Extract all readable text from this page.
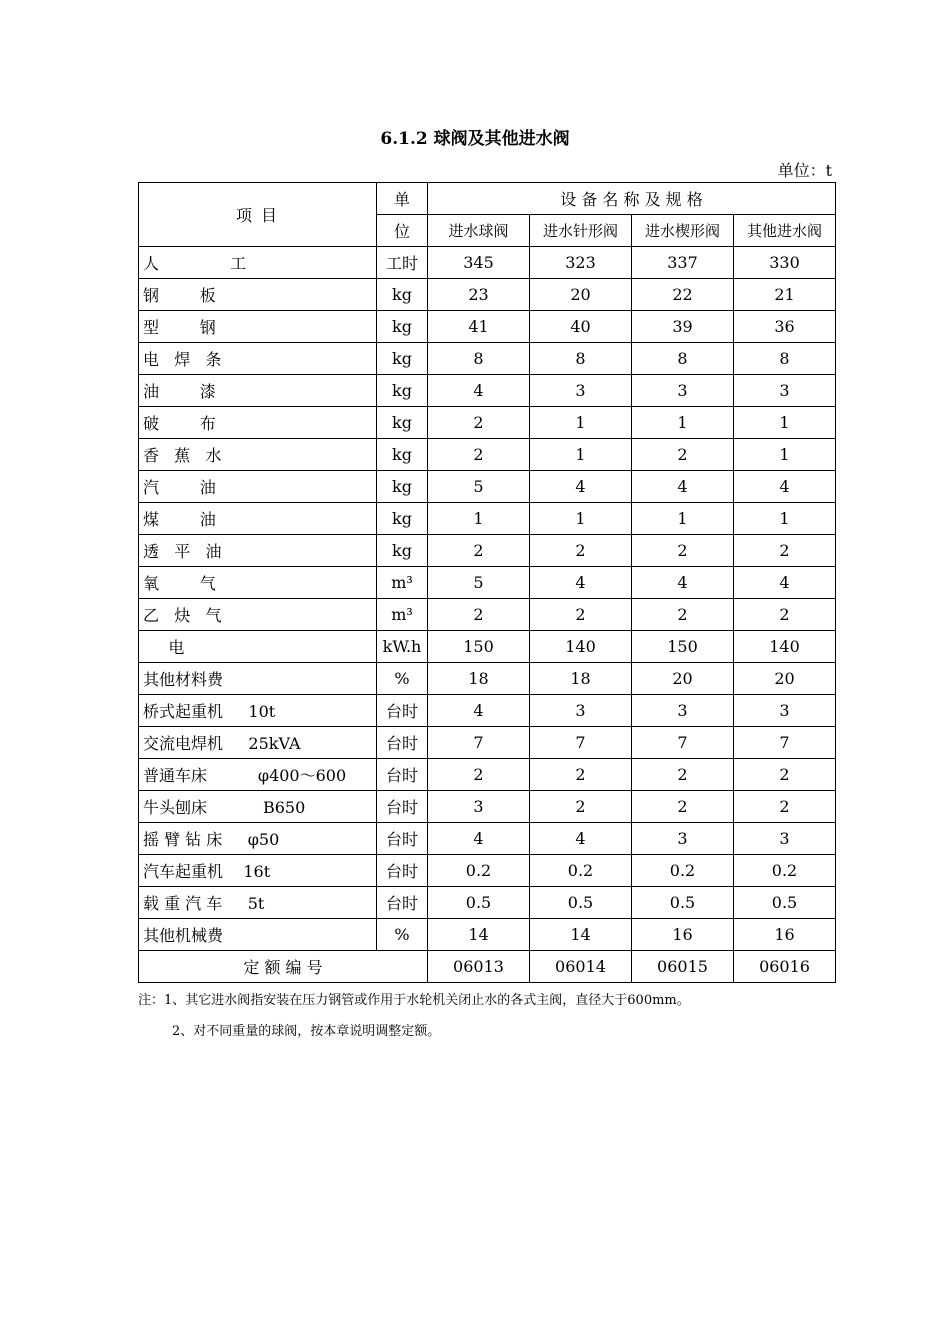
6.1.2 球阀及其他进水阀
单位：t
项 目	单	设 备 名 称 及 规 格			
	位	进水球阀	进水针形阀	进水楔形阀	其他进水阀
人              工	工时	345	323	337	330
钢        板	kg	23	20	22	21
型        钢	kg	41	40	39	36
电   焊   条	kg	8	8	8	8
油        漆	kg	4	3	3	3
破        布	kg	2	1	1	1
香   蕉   水	kg	2	1	2	1
汽        油	kg	5	4	4	4
煤        油	kg	1	1	1	1
透   平   油	kg	2	2	2	2
氧        气	m³	5	4	4	4
乙   炔   气	m³	2	2	2	2
电	kW.h	150	140	150	140
其他材料费	%	18	18	20	20
桥式起重机     10t	台时	4	3	3	3
交流电焊机     25kVA	台时	7	7	7	7
普通车床          φ400～600	台时	2	2	2	2
牛头刨床           B650	台时	3	2	2	2
摇 臂 钻 床     φ50	台时	4	4	3	3
汽车起重机    16t	台时	0.2	0.2	0.2	0.2
载 重 汽 车     5t	台时	0.5	0.5	0.5	0.5
其他机械费	%	14	14	16	16
定 额 编 号		06013	06014	06015	06016
注：1、其它进水阀指安装在压力钢管或作用于水轮机关闭止水的各式主阀，直径大于600mm。
2、对不同重量的球阀，按本章说明调整定额。
